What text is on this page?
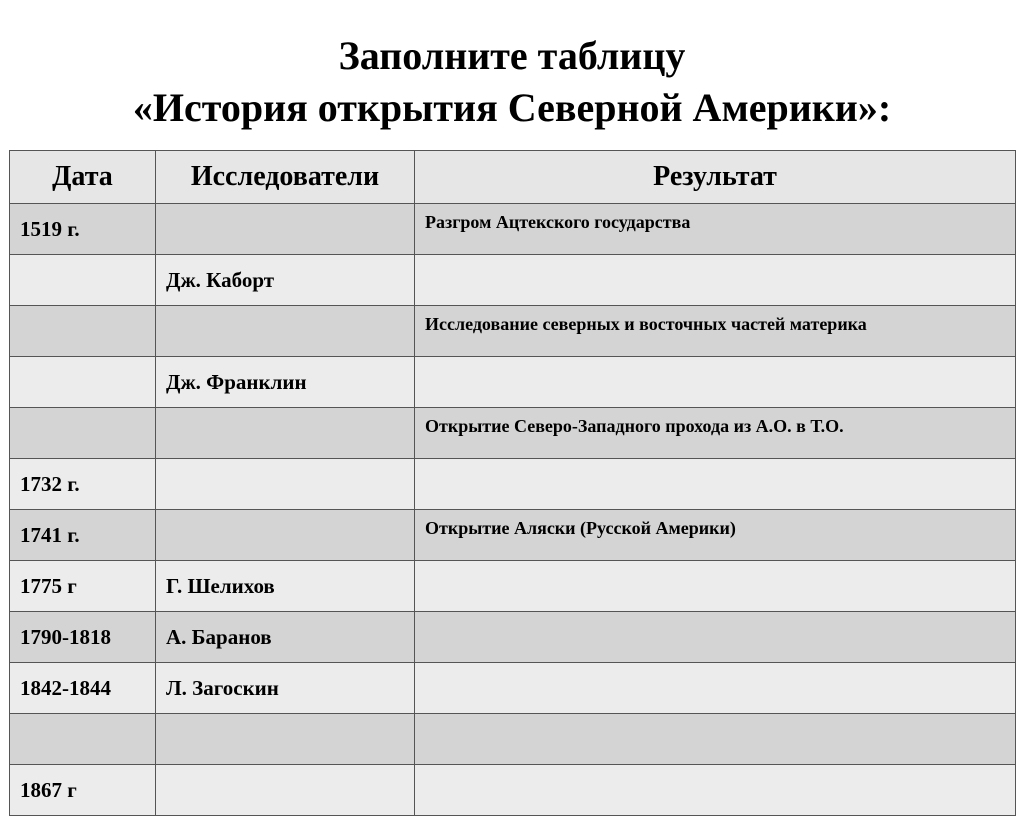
Заполните таблицу
«История открытия Северной Америки»:
Дата	Исследователи	Результат
1519 г.		Разгром Ацтекского государства
	Дж. Каборт	
		Исследование северных и восточных частей материка
	Дж. Франклин	
		Открытие Северо-Западного прохода из А.О. в Т.О.
1732 г.		
1741 г.		Открытие Аляски (Русской Америки)
1775 г	Г. Шелихов	
1790-1818	А. Баранов	
1842-1844	Л. Загоскин	

1867 г		
